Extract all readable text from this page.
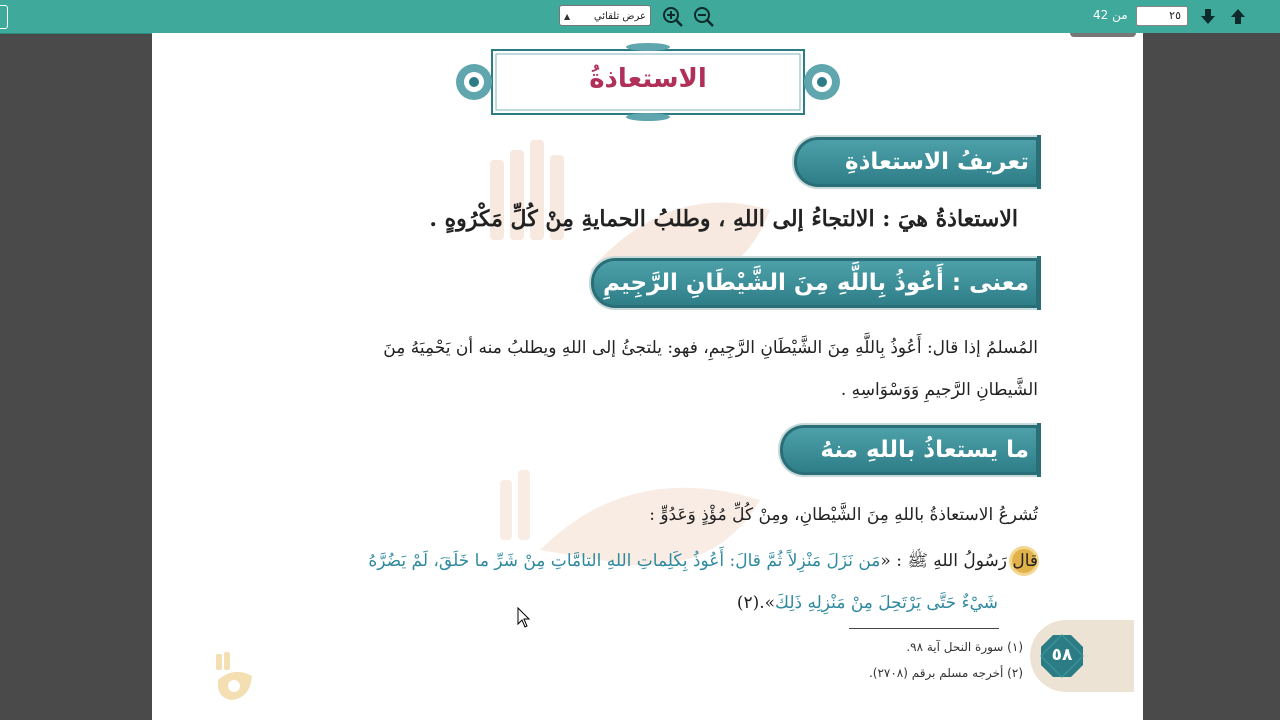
عرض تلقائي
▲	من 42	٢٥
الاستعاذةُ
تعريفُ الاستعاذةِ
الاستعاذةُ هيَ : الالتجاءُ إلى اللهِ ، وطلبُ الحمايةِ مِنْ كُلِّ مَكْرُوهٍ .
معنى : أَعُوذُ بِاللَّهِ مِنَ الشَّيْطَانِ الرَّجِيمِ
المُسلمُ إذا قال: أَعُوذُ بِاللَّهِ مِنَ الشَّيْطَانِ الرَّجِيمِ، فهو: يلتجئُ إلى اللهِ ويطلبُ منه أن يَحْمِيَهُ مِنَ
الشَّيطانِ الرَّجيمِ وَوَسْوَاسِهِ .
ما يستعاذُ باللهِ منهُ
تُشرعُ الاستعاذةُ باللهِ مِنَ الشَّيْطانِ، ومِنْ كُلِّ مُؤْذٍ وَعَدُوٍّ :
قال رَسُولُ اللهِ ﷺ : «مَن نَزَلَ مَنْزِلاً ثُمَّ قالَ: أَعُوذُ بِكَلِماتِ اللهِ التامَّاتِ مِنْ شَرِّ ما خَلَقَ، لَمْ يَضُرَّهُ
شَيْءٌ حَتَّى يَرْتَحِلَ مِنْ مَنْزِلِهِ ذَلِكَ».(٢)
(١) سورة النحل آية ٩٨.
(٢) أخرجه مسلم برقم (٢٧٠٨).
٥٨
